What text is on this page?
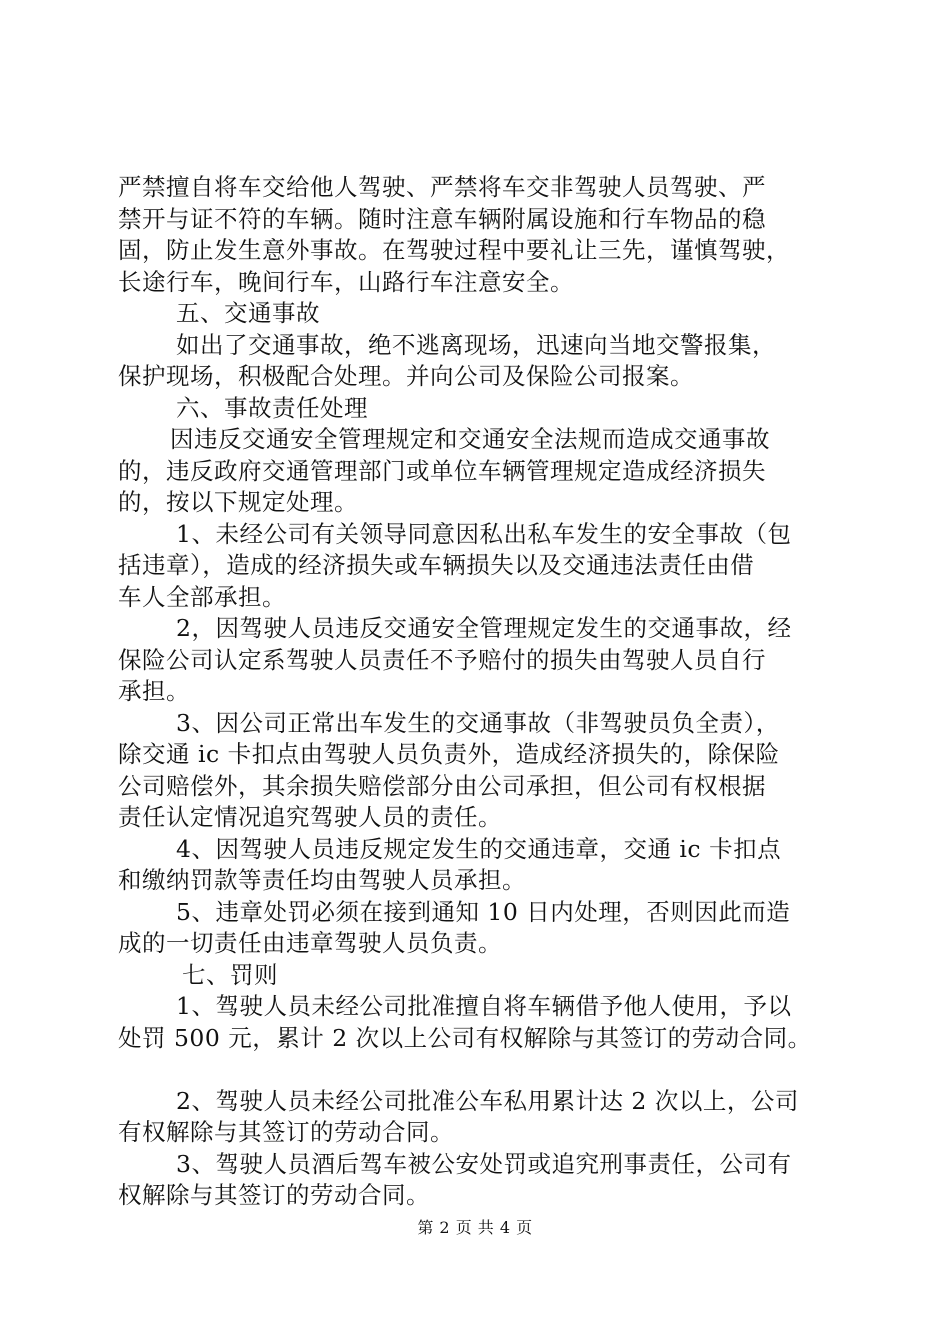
严禁擅自将车交给他人驾驶、严禁将车交非驾驶人员驾驶、严
禁开与证不符的车辆。随时注意车辆附属设施和行车物品的稳
固，防止发生意外事故。在驾驶过程中要礼让三先，谨慎驾驶，
长途行车，晚间行车，山路行车注意安全。
五、交通事故
如出了交通事故，绝不逃离现场，迅速向当地交警报集，
保护现场，积极配合处理。并向公司及保险公司报案。
六、事故责任处理
因违反交通安全管理规定和交通安全法规而造成交通事故
的，违反政府交通管理部门或单位车辆管理规定造成经济损失
的，按以下规定处理。
1、未经公司有关领导同意因私出私车发生的安全事故（包
括违章），造成的经济损失或车辆损失以及交通违法责任由借
车人全部承担。
2，因驾驶人员违反交通安全管理规定发生的交通事故，经
保险公司认定系驾驶人员责任不予赔付的损失由驾驶人员自行
承担。
3、因公司正常出车发生的交通事故（非驾驶员负全责），
除交通 ic 卡扣点由驾驶人员负责外，造成经济损失的，除保险
公司赔偿外，其余损失赔偿部分由公司承担，但公司有权根据
责任认定情况追究驾驶人员的责任。
4、因驾驶人员违反规定发生的交通违章，交通 ic 卡扣点
和缴纳罚款等责任均由驾驶人员承担。
5、违章处罚必须在接到通知 10 日内处理，否则因此而造
成的一切责任由违章驾驶人员负责。
七、罚则
1、驾驶人员未经公司批准擅自将车辆借予他人使用，予以
处罚 500 元，累计 2 次以上公司有权解除与其签订的劳动合同。
2、驾驶人员未经公司批准公车私用累计达 2 次以上，公司
有权解除与其签订的劳动合同。
3、驾驶人员酒后驾车被公安处罚或追究刑事责任，公司有
权解除与其签订的劳动合同。
第 2 页 共 4 页
